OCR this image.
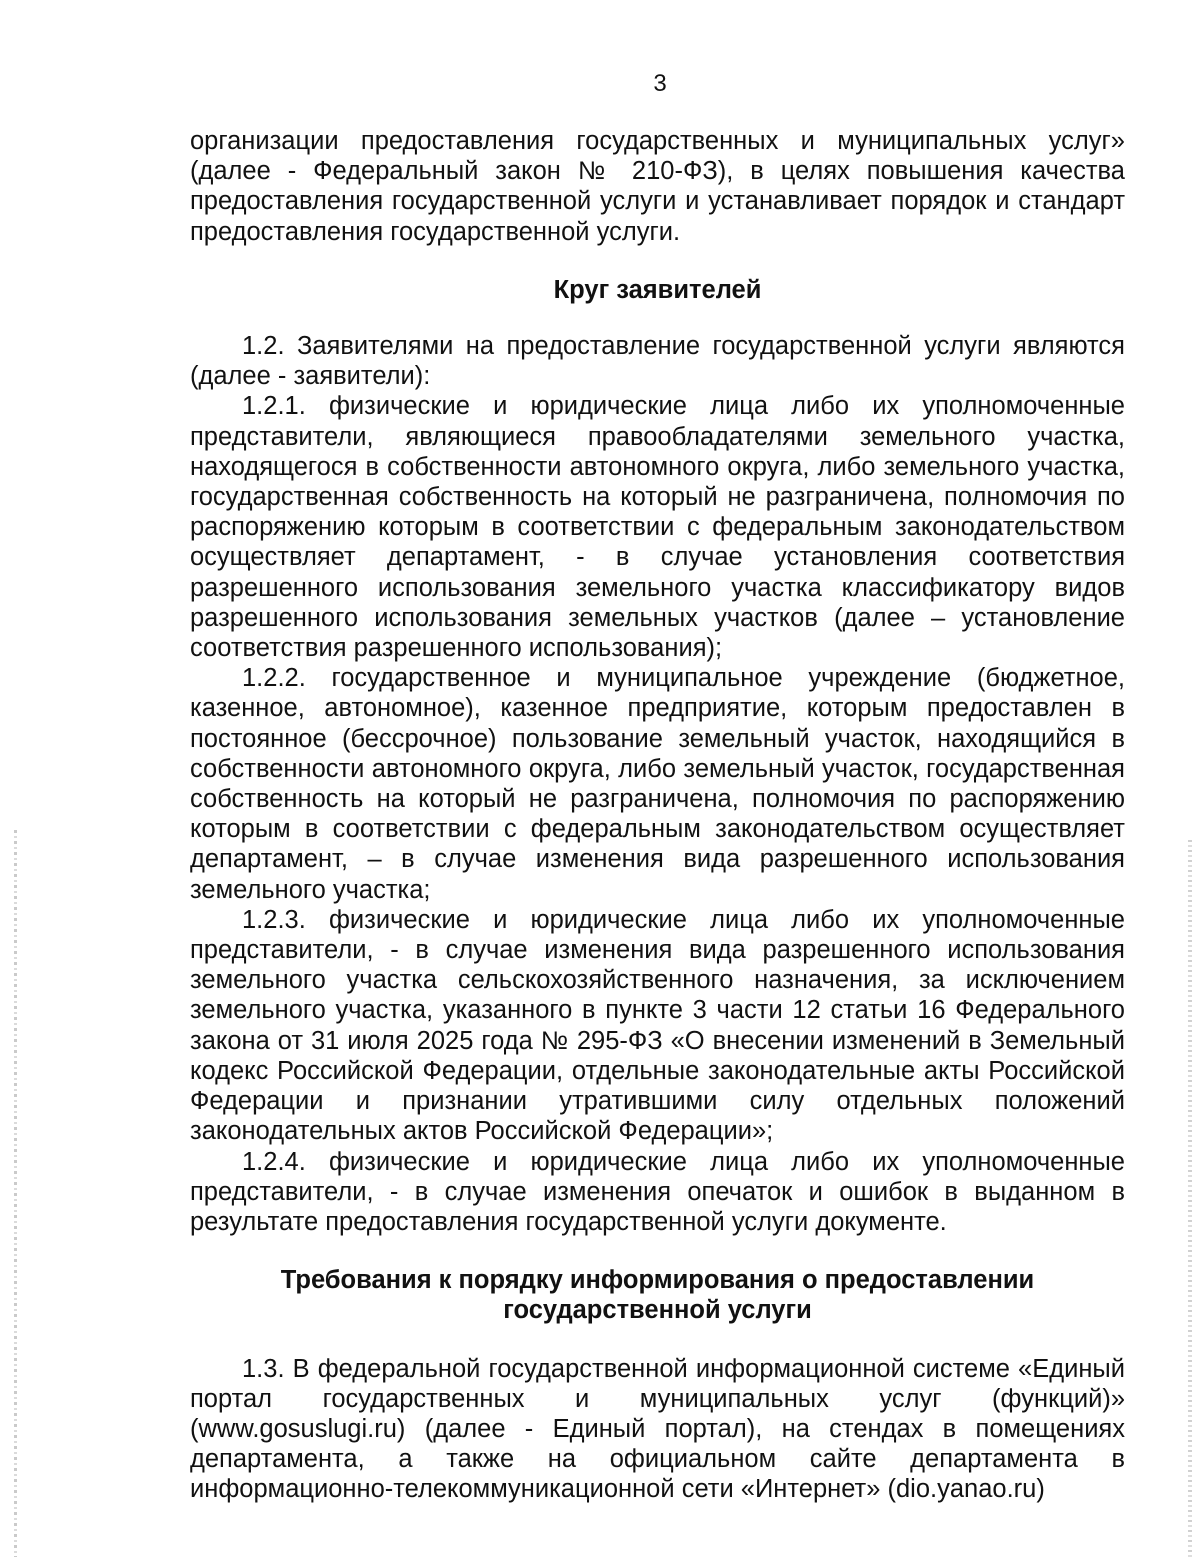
3

организации предоставления государственных и муниципальных услуг» (далее - Федеральный закон № 210-ФЗ), в целях повышения качества предоставления государственной услуги и устанавливает порядок и стандарт предоставления государственной услуги.

Круг заявителей

1.2. Заявителями на предоставление государственной услуги являются (далее - заявители):

1.2.1. физические и юридические лица либо их уполномоченные представители, являющиеся правообладателями земельного участка, находящегося в собственности автономного округа, либо земельного участка, государственная собственность на который не разграничена, полномочия по распоряжению которым в соответствии с федеральным законодательством осуществляет департамент, - в случае установления соответствия разрешенного использования земельного участка классификатору видов разрешенного использования земельных участков (далее – установление соответствия разрешенного использования);

1.2.2. государственное и муниципальное учреждение (бюджетное, казенное, автономное), казенное предприятие, которым предоставлен в постоянное (бессрочное) пользование земельный участок, находящийся в собственности автономного округа, либо земельный участок, государственная собственность на который не разграничена, полномочия по распоряжению которым в соответствии с федеральным законодательством осуществляет департамент, – в случае изменения вида разрешенного использования земельного участка;

1.2.3. физические и юридические лица либо их уполномоченные представители, - в случае изменения вида разрешенного использования земельного участка сельскохозяйственного назначения, за исключением земельного участка, указанного в пункте 3 части 12 статьи 16 Федерального закона от 31 июля 2025 года № 295-ФЗ «О внесении изменений в Земельный кодекс Российской Федерации, отдельные законодательные акты Российской Федерации и признании утратившими силу отдельных положений законодательных актов Российской Федерации»;

1.2.4. физические и юридические лица либо их уполномоченные представители, - в случае изменения опечаток и ошибок в выданном в результате предоставления государственной услуги документе.

Требования к порядку информирования о предоставлении государственной услуги

1.3. В федеральной государственной информационной системе «Единый портал государственных и муниципальных услуг (функций)» (www.gosuslugi.ru) (далее - Единый портал), на стендах в помещениях департамента, а также на официальном сайте департамента в информационно-телекоммуникационной сети «Интернет» (dio.yanao.ru)
